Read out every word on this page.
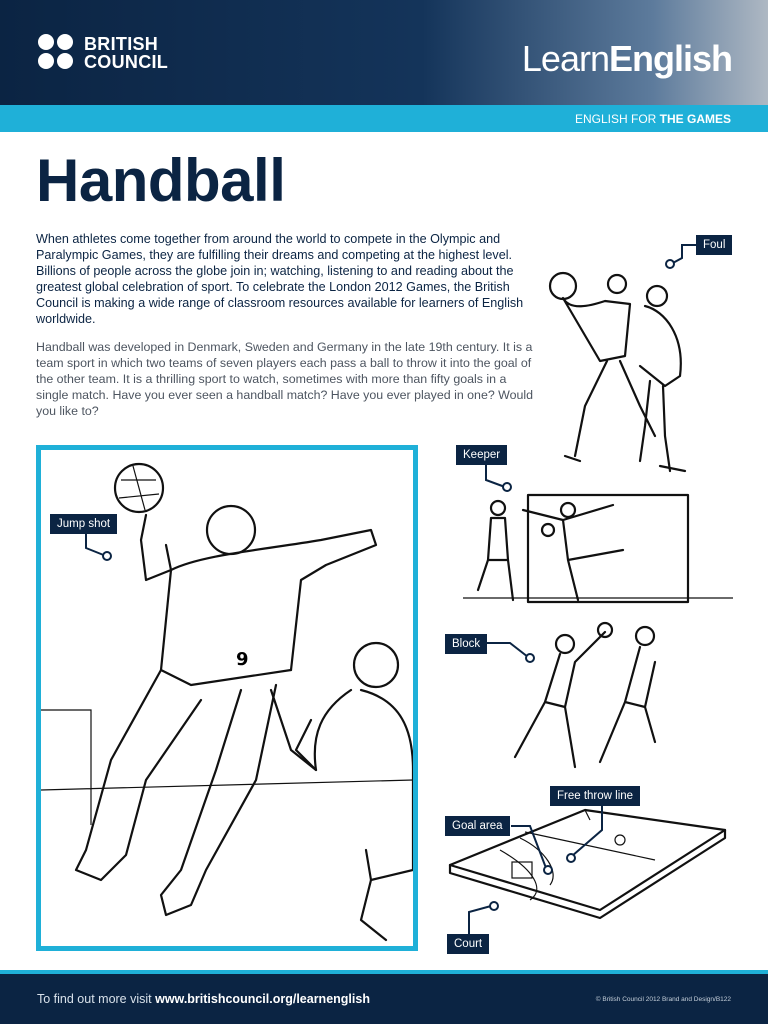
BRITISH
COUNCIL	LearnEnglish
ENGLISH FOR THE GAMES
Handball

When athletes come together from around the world to compete in the Olympic and Paralympic Games, they are fulfilling their dreams and competing at the highest level. Billions of people across the globe join in; watching, listening to and reading about the greatest global celebration of sport. To celebrate the London 2012 Games, the British Council is making a wide range of classroom resources available for learners of English worldwide.

Handball was developed in Denmark, Sweden and Germany in the late 19th century. It is a team sport in which two teams of seven players each pass a ball to throw it into the goal of the other team. It is a thrilling sport to watch, sometimes with more than fifty goals in a single match. Have you ever seen a handball match? Have you ever played in one? Would you like to?

9
Foul
Keeper
Jump shot
Block
Free throw line
Goal area
Court
To find out more visit www.britishcouncil.org/learnenglish	© British Council 2012 Brand and Design/B122
